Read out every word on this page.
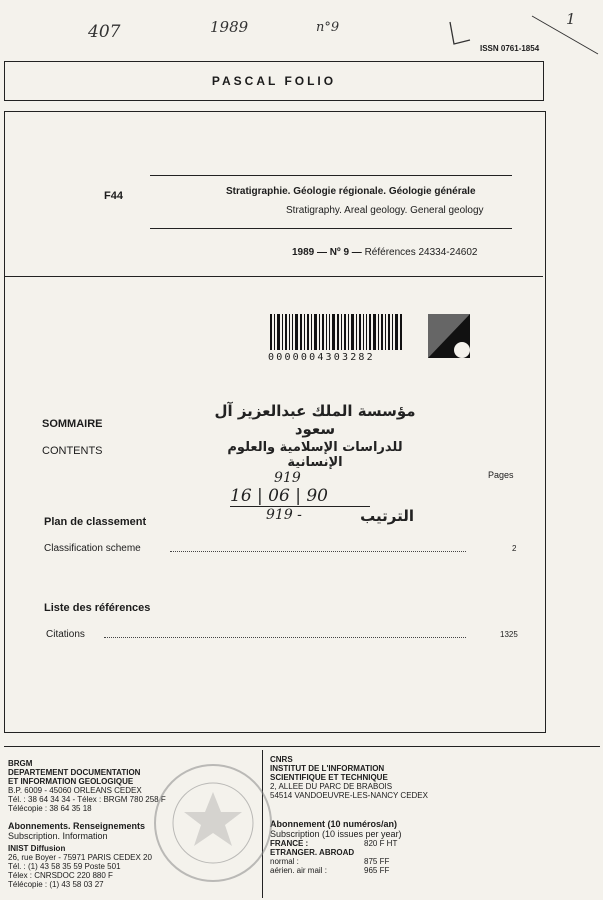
407	1989	n°9	1
ISSN 0761-1854
PASCAL FOLIO
F44	Stratigraphie. Géologie régionale. Géologie générale
Stratigraphy. Areal geology. General geology
1989 — Nº 9 — Références 24334-24602
0000004303282
مؤسسة الملك عبدالعزيز آل سعود
للدراسات الإسلامية والعلوم الإنسانية
919
16 | 06 | 90
919 -	الترتيب
SOMMAIRE
CONTENTS
Pages
Plan de classement
Classification scheme	2
Liste des références
Citations	1325
BRGM
DEPARTEMENT DOCUMENTATION
ET INFORMATION GEOLOGIQUE
B.P. 6009 - 45060 ORLEANS CEDEX
Tél. : 38 64 34 34 - Télex : BRGM 780 258 F
Télécopie : 38 64 35 18
Abonnements. Renseignements
Subscription. Information
INIST Diffusion
26, rue Boyer - 75971 PARIS CEDEX 20
Tél. : (1) 43 58 35 59 Poste 501
Télex : CNRSDOC 220 880 F
Télécopie : (1) 43 58 03 27
CNRS
INSTITUT DE L'INFORMATION
SCIENTIFIQUE ET TECHNIQUE
2, ALLEE DU PARC DE BRABOIS
54514 VANDOEUVRE-LES-NANCY CEDEX
Abonnement (10 numéros/an)
Subscription (10 issues per year)
FRANCE :	820 F HT
ETRANGER. ABROAD
normal :	875 FF
aérien. air mail :	965 FF
